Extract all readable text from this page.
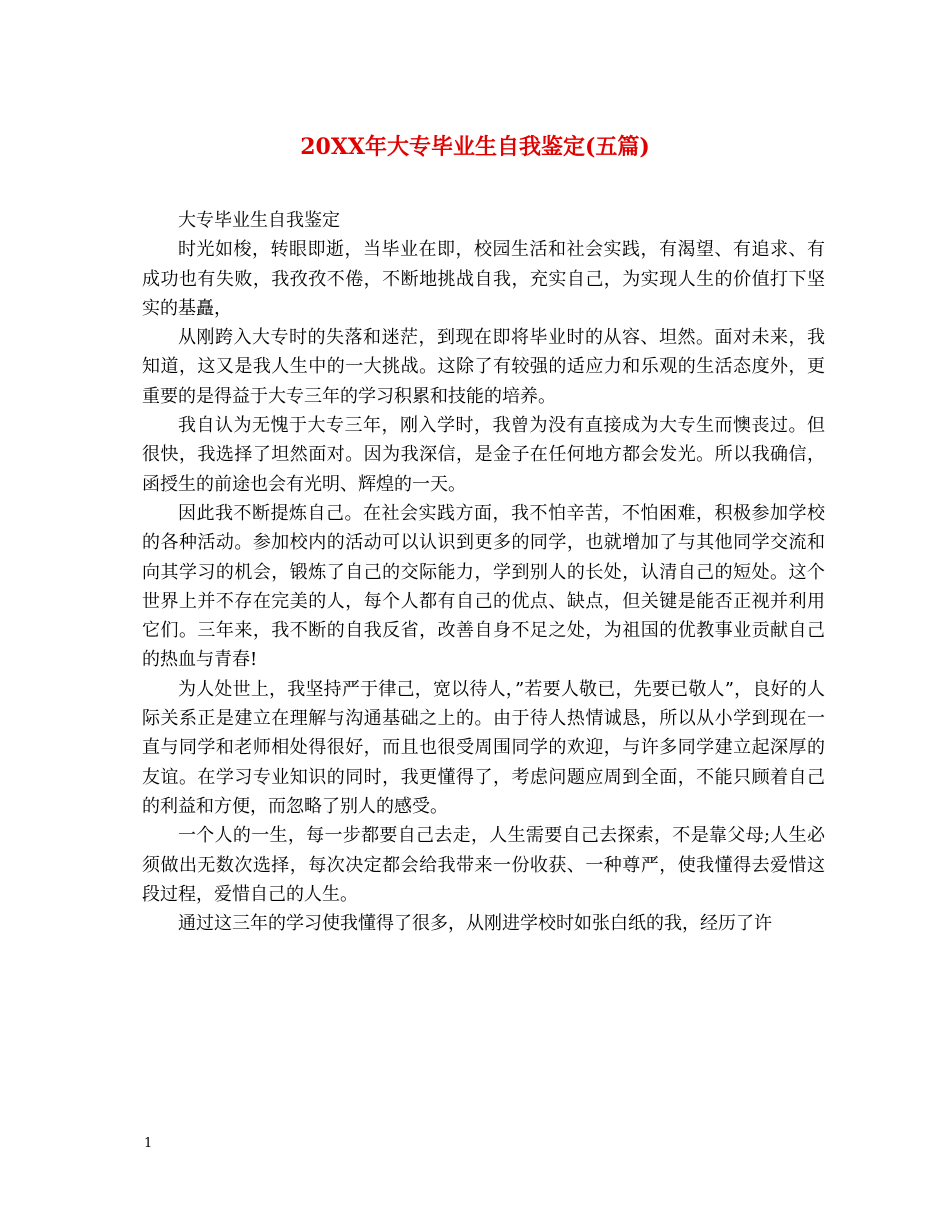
20XX年大专毕业生自我鉴定(五篇)

大专毕业生自我鉴定

时光如梭，转眼即逝，当毕业在即，校园生活和社会实践，有渴望、有追求、有成功也有失败，我孜孜不倦，不断地挑战自我，充实自己，为实现人生的价值打下坚实的基矗，

从刚跨入大专时的失落和迷茫，到现在即将毕业时的从容、坦然。面对未来，我知道，这又是我人生中的一大挑战。这除了有较强的适应力和乐观的生活态度外，更重要的是得益于大专三年的学习积累和技能的培养。

我自认为无愧于大专三年，刚入学时，我曾为没有直接成为大专生而懊丧过。但很快，我选择了坦然面对。因为我深信，是金子在任何地方都会发光。所以我确信，函授生的前途也会有光明、辉煌的一天。

因此我不断提炼自己。在社会实践方面，我不怕辛苦，不怕困难，积极参加学校的各种活动。参加校内的活动可以认识到更多的同学，也就增加了与其他同学交流和向其学习的机会，锻炼了自己的交际能力，学到别人的长处，认清自己的短处。这个世界上并不存在完美的人，每个人都有自己的优点、缺点，但关键是能否正视并利用它们。三年来，我不断的自我反省，改善自身不足之处，为祖国的优教事业贡献自己的热血与青春!

为人处世上，我坚持严于律己，宽以待人，”若要人敬已，先要已敬人”，良好的人际关系正是建立在理解与沟通基础之上的。由于待人热情诚恳，所以从小学到现在一直与同学和老师相处得很好，而且也很受周围同学的欢迎，与许多同学建立起深厚的友谊。在学习专业知识的同时，我更懂得了，考虑问题应周到全面，不能只顾着自己的利益和方便，而忽略了别人的感受。

一个人的一生，每一步都要自己去走，人生需要自己去探索，不是靠父母;人生必须做出无数次选择，每次决定都会给我带来一份收获、一种尊严，使我懂得去爱惜这段过程，爱惜自己的人生。

通过这三年的学习使我懂得了很多，从刚进学校时如张白纸的我，经历了许

1
